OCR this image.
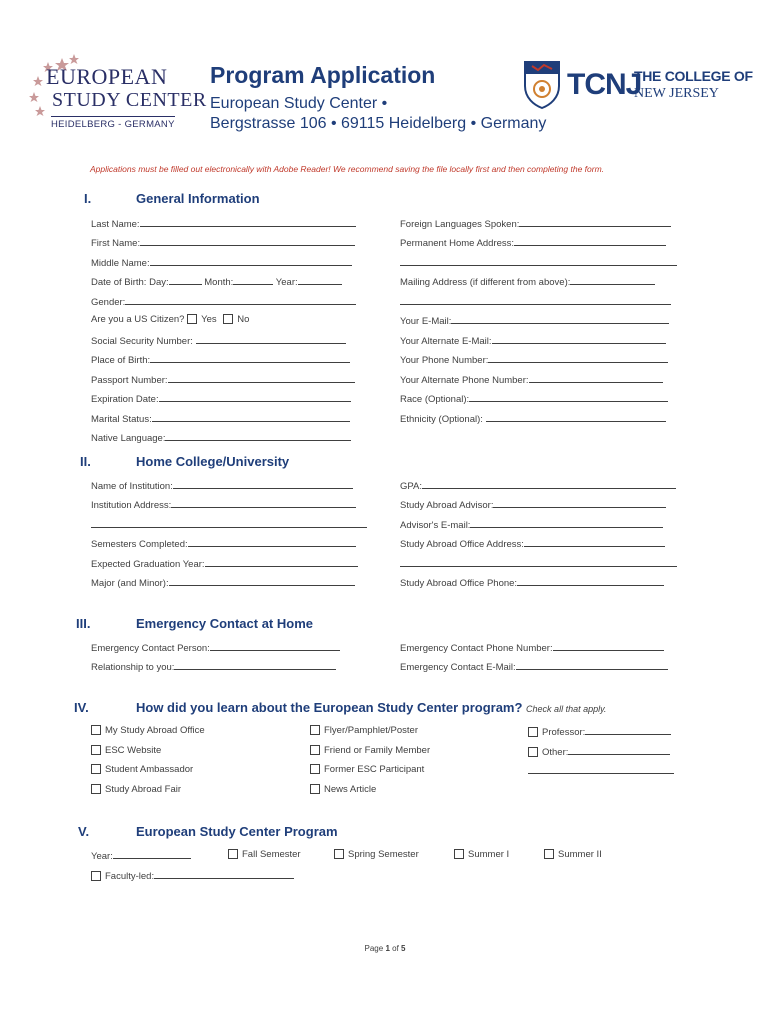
EUROPEAN
STUDY CENTER
HEIDELBERG - GERMANY
Program Application
European Study Center •
Bergstrasse 106 • 69115 Heidelberg • Germany
TCNJ
THE COLLEGE OF
NEW JERSEY
Applications must be filled out electronically with Adobe Reader! We recommend saving the file locally first and then completing the form.
I.	General Information
Last Name:
First Name:
Middle Name:
Date of Birth: Day:	Month:	Year:
Gender:
Are you a US Citizen? Yes No
Social Security Number:
Place of Birth:
Passport Number:
Expiration Date:
Marital Status:
Native Language:
Foreign Languages Spoken:
Permanent Home Address:
Mailing Address (if different from above):
Your E-Mail:
Your Alternate E-Mail:
Your Phone Number:
Your Alternate Phone Number:
Race (Optional):
Ethnicity (Optional):
II.	Home College/University
Name of Institution:
Institution Address:
Semesters Completed:
Expected Graduation Year:
Major (and Minor):
GPA:
Study Abroad Advisor:
Advisor's E-mail:
Study Abroad Office Address:
Study Abroad Office Phone:
III.	Emergency Contact at Home
Emergency Contact Person:
Relationship to you:
Emergency Contact Phone Number:
Emergency Contact E-Mail:
IV.	How did you learn about the European Study Center program? Check all that apply.
My Study Abroad Office
ESC Website
Student Ambassador
Study Abroad Fair
Flyer/Pamphlet/Poster
Friend or Family Member
Former ESC Participant
News Article
Professor:
Other:
V.	European Study Center Program
Year:	Fall Semester	Spring Semester	Summer I	Summer II
Faculty-led:
Page 1 of 5
